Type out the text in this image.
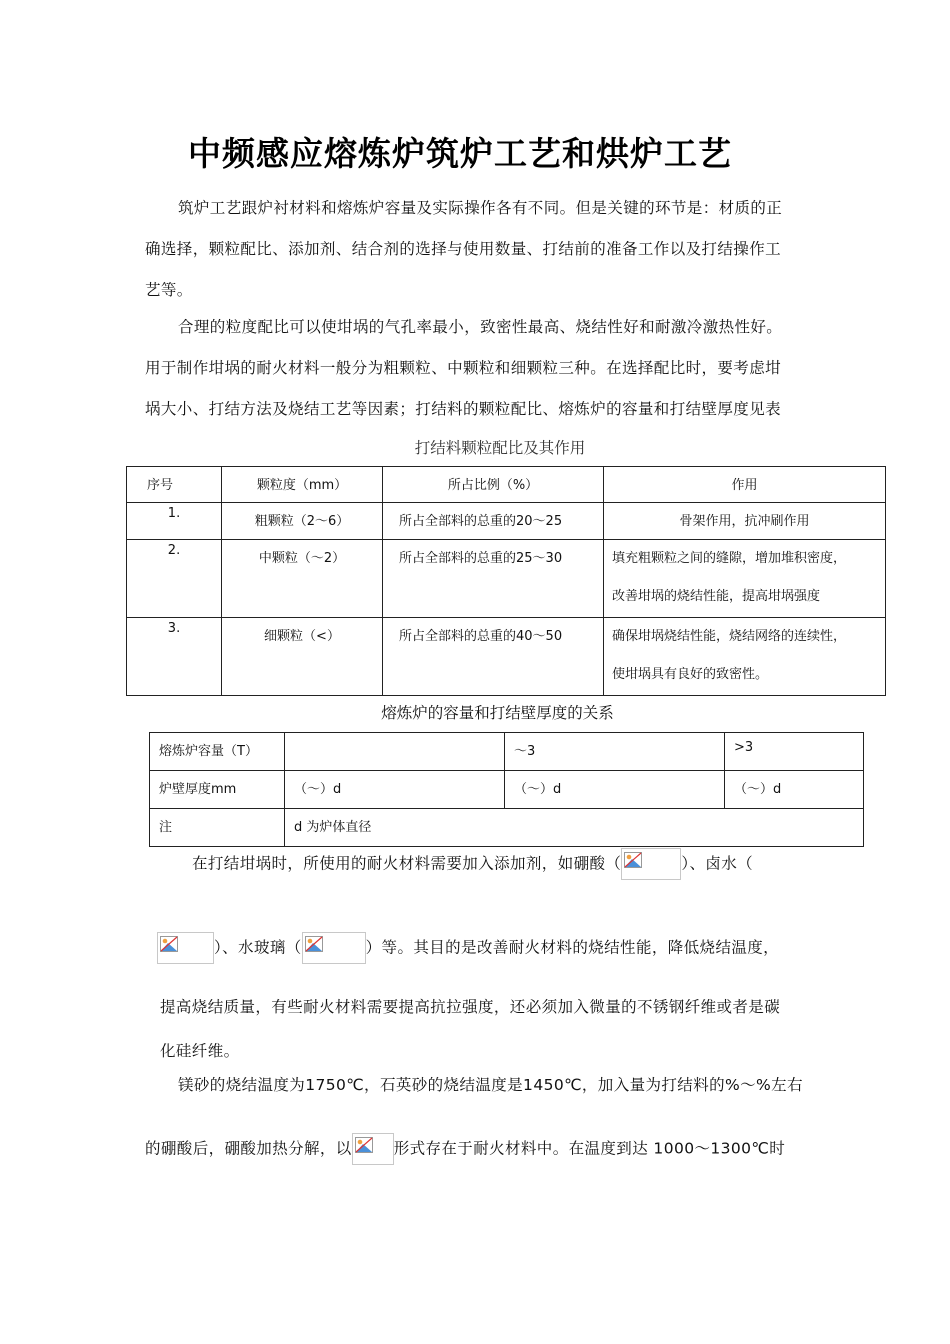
中频感应熔炼炉筑炉工艺和烘炉工艺
筑炉工艺跟炉衬材料和熔炼炉容量及实际操作各有不同。但是关键的环节是：材质的正
确选择，颗粒配比、添加剂、结合剂的选择与使用数量、打结前的准备工作以及打结操作工
艺等。
合理的粒度配比可以使坩埚的气孔率最小，致密性最高、烧结性好和耐激冷激热性好。
用于制作坩埚的耐火材料一般分为粗颗粒、中颗粒和细颗粒三种。在选择配比时，要考虑坩
埚大小、打结方法及烧结工艺等因素；打结料的颗粒配比、熔炼炉的容量和打结壁厚度见表
打结料颗粒配比及其作用
序号	颗粒度（mm）	所占比例（%）	作用
1.	粗颗粒（2～6）	所占全部料的总重的20～25	骨架作用，抗冲刷作用
2.	中颗粒（～2）	所占全部料的总重的25～30	填充粗颗粒之间的缝隙，增加堆积密度，
改善坩埚的烧结性能，提高坩埚强度

3.	细颗粒（<）	所占全部料的总重的40～50	确保坩埚烧结性能，烧结网络的连续性，
使坩埚具有良好的致密性。
熔炼炉的容量和打结壁厚度的关系
熔炼炉容量（T）		～3	>3
炉壁厚度mm	（～）d	（～）d	（～）d
注	d 为炉体直径		
在打结坩埚时，所使用的耐火材料需要加入添加剂，如硼酸（	）、卤水（
）、水玻璃（	）等。其目的是改善耐火材料的烧结性能，降低烧结温度，
提高烧结质量，有些耐火材料需要提高抗拉强度，还必须加入微量的不锈钢纤维或者是碳
化硅纤维。
镁砂的烧结温度为1750℃，石英砂的烧结温度是1450℃，加入量为打结料的%～%左右
的硼酸后，硼酸加热分解，以	形式存在于耐火材料中。在温度到达 1000～1300℃时
